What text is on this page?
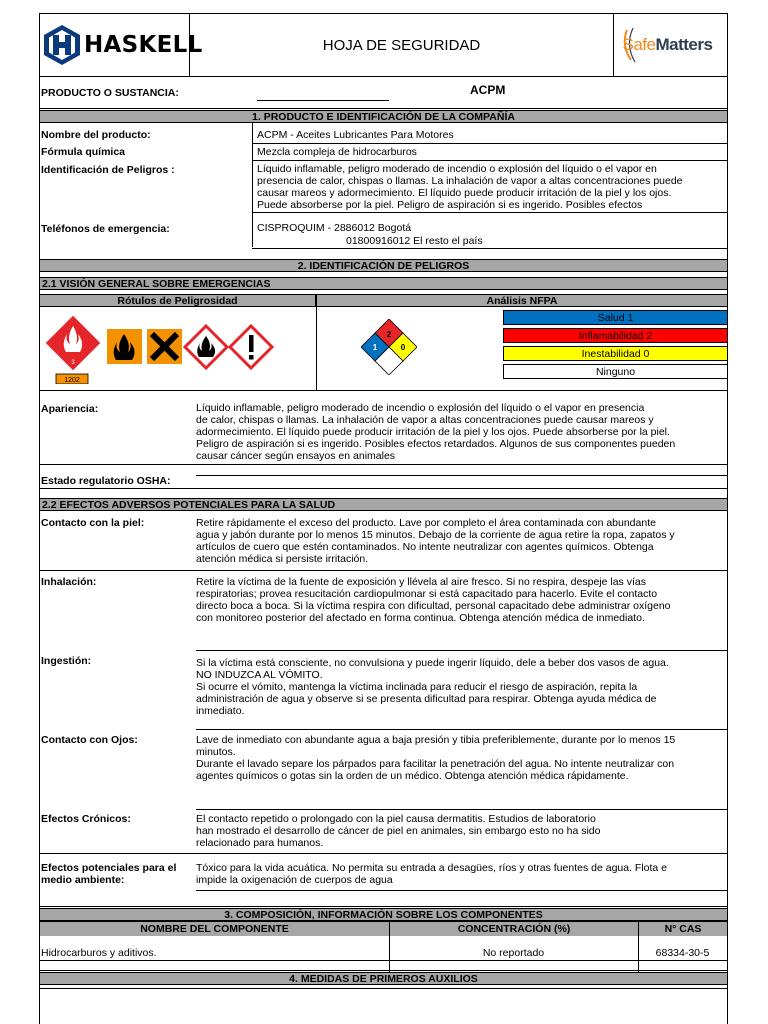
HASKELL	HOJA DE SEGURIDAD	SafeMatters
PRODUCTO O SUSTANCIA:	ACPM
1. PRODUCTO E IDENTIFICACIÓN DE LA COMPAÑÍA
Nombre del producto:	ACPM - Aceites Lubricantes Para Motores
Fórmula química	Mezcla compleja de hidrocarburos
Identificación de Peligros :	Líquido inflamable, peligro moderado de incendio o explosión del líquido o el vapor en
presencia de calor, chispas o llamas. La inhalación de vapor a altas concentraciones puede
causar mareos y adormecimiento. El líquido puede producir irritación de la piel y los ojos.
Puede absorberse por la piel. Peligro de aspiración si es ingerido. Posibles efectos
Teléfonos de emergencia:	CISPROQUIM - 2886012 Bogotá
01800916012 El resto el país
2. IDENTIFICACIÓN DE PELIGROS
2.1 VISIÓN GENERAL SOBRE EMERGENCIAS
Rótulos de Peligrosidad	Análisis NFPA
3
1202
2
1	0
Salud 1
Inflamabilidad 2
Inestabilidad 0
Ninguno
Apariencia:	Líquido inflamable, peligro moderado de incendio o explosión del líquido o el vapor en presencia
de calor, chispas o llamas. La inhalación de vapor a altas concentraciones puede causar mareos y
adormecimiento. El líquido puede producir irritación de la piel y los ojos. Puede absorberse por la piel.
Peligro de aspiración si es ingerido. Posibles efectos retardados. Algunos de sus componentes pueden
causar cáncer según ensayos en animales
Estado regulatorio OSHA:
2.2 EFECTOS ADVERSOS POTENCIALES PARA LA SALUD
Contacto con la piel:	Retire rápidamente el exceso del producto. Lave por completo el área contaminada con abundante
agua y jabón durante por lo menos 15 minutos. Debajo de la corriente de agua retire la ropa, zapatos y
artículos de cuero que estén contaminados. No intente neutralizar con agentes químicos. Obtenga
atención médica si persiste irritación.
Inhalación:	Retire la víctima de la fuente de exposición y llévela al aire fresco. Si no respira, despeje las vías
respiratorias; provea resucitación cardiopulmonar si está capacitado para hacerlo. Evite el contacto
directo boca a boca. Si la víctima respira con dificultad, personal capacitado debe administrar oxígeno
con monitoreo posterior del afectado en forma continua. Obtenga atención médica de inmediato.
Ingestión:	Si la víctima está consciente, no convulsiona y puede ingerir líquido, dele a beber dos vasos de agua.
NO INDUZCA AL VÓMITO.
Si ocurre el vómito, mantenga la víctima inclinada para reducir el riesgo de aspiración, repita la
administración de agua y observe si se presenta dificultad para respirar. Obtenga ayuda médica de
inmediato.
Contacto con Ojos:	Lave de inmediato con abundante agua a baja presión y tibia preferiblemente, durante por lo menos 15
minutos.
Durante el lavado separe los párpados para facilitar la penetración del agua. No intente neutralizar con
agentes químicos o gotas sin la orden de un médico. Obtenga atención médica rápidamente.
Efectos Crónicos:	El contacto repetido o prolongado con la piel causa dermatitis. Estudios de laboratorio
han mostrado el desarrollo de cáncer de piel en animales, sin embargo esto no ha sido
relacionado para humanos.
Efectos potenciales para el
medio ambiente:
Tóxico para la vida acuática. No permita su entrada a desagües, ríos y otras fuentes de agua. Flota e
impide la oxigenación de cuerpos de agua
3. COMPOSICIÓN, INFORMACIÓN SOBRE LOS COMPONENTES
NOMBRE DEL COMPONENTE	CONCENTRACIÓN (%)	N° CAS
Hidrocarburos y aditivos.	No reportado	68334-30-5
4. MEDIDAS DE PRIMEROS AUXILIOS
